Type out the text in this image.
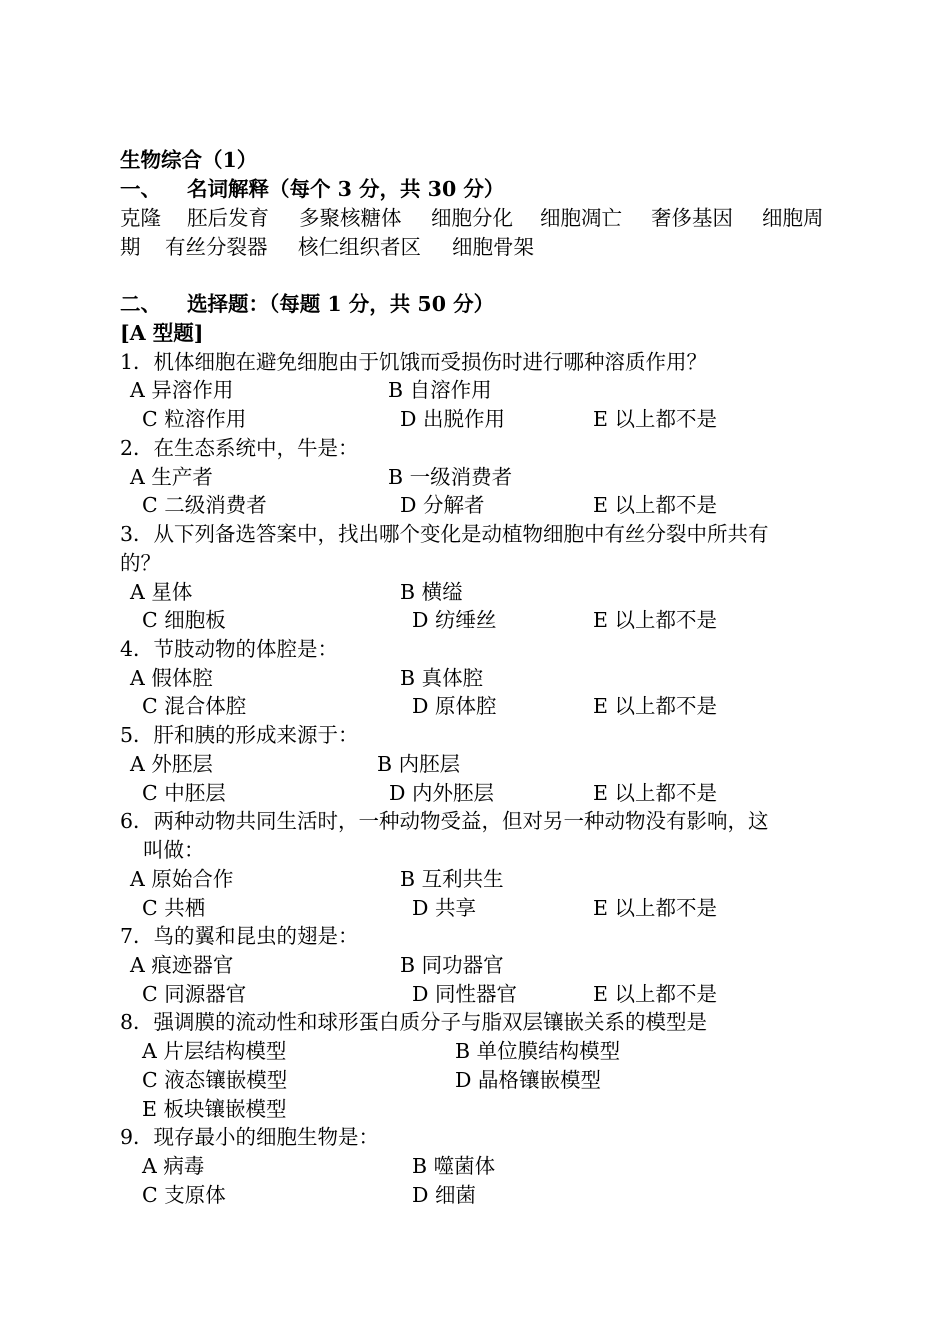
生物综合（1）
一、 名词解释（每个 3 分，共 30 分）
克隆 胚后发育 多聚核糖体 细胞分化 细胞凋亡 奢侈基因 细胞周
期 有丝分裂器 核仁组织者区 细胞骨架
二、 选择题：（每题 1 分，共 50 分）
[A 型题]
1．机体细胞在避免细胞由于饥饿而受损伤时进行哪种溶质作用？
A 异溶作用	B 自溶作用
C 粒溶作用	D 出脱作用	E 以上都不是
2．在生态系统中，牛是：
A 生产者	B 一级消费者
C 二级消费者	D 分解者	E 以上都不是
3．从下列备选答案中，找出哪个变化是动植物细胞中有丝分裂中所共有
的？
A 星体	B 横缢
C 细胞板	D 纺缍丝	E 以上都不是
4．节肢动物的体腔是：
A 假体腔	B 真体腔
C 混合体腔	D 原体腔	E 以上都不是
5．肝和胰的形成来源于：
A 外胚层	B 内胚层
C 中胚层	D 内外胚层	E 以上都不是
6．两种动物共同生活时，一种动物受益，但对另一种动物没有影响，这
叫做：
A 原始合作	B 互利共生
C 共栖	D 共享	E 以上都不是
7．鸟的翼和昆虫的翅是：
A 痕迹器官	B 同功器官
C 同源器官	D 同性器官	E 以上都不是
8．强调膜的流动性和球形蛋白质分子与脂双层镶嵌关系的模型是
A 片层结构模型	B 单位膜结构模型
C 液态镶嵌模型	D 晶格镶嵌模型
E 板块镶嵌模型
9．现存最小的细胞生物是：
A 病毒	B 噬菌体
C 支原体	D 细菌
